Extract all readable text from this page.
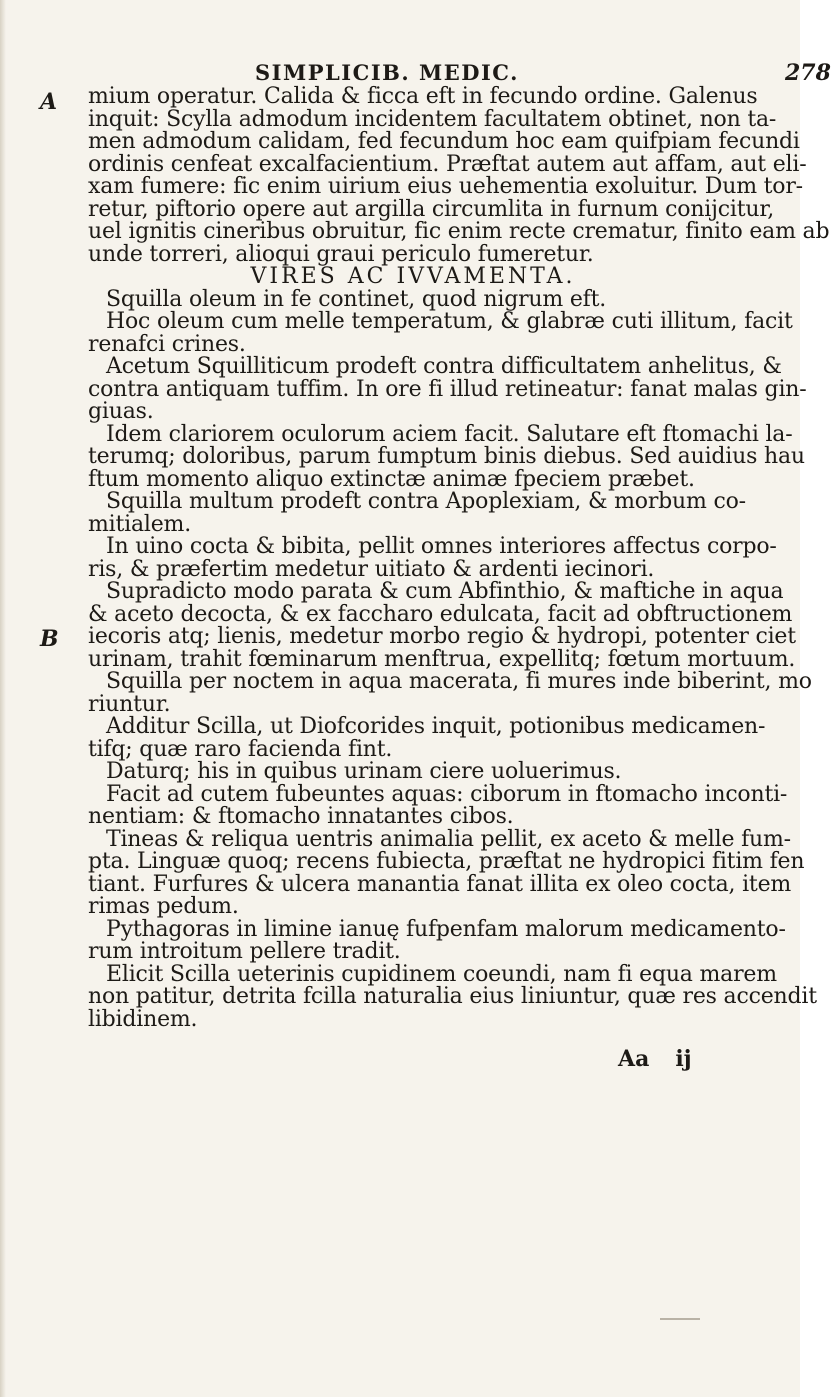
SIMPLICIB. MEDIC.	278
A
B
mium operatur. Calida & ficca eft in fecundo ordine. Galenus
inquit: Scylla admodum incidentem facultatem obtinet, non ta-
men admodum calidam, fed fecundum hoc eam quifpiam fecundi
ordinis cenfeat excalfacientium. Præftat autem aut affam, aut eli-
xam fumere: fic enim uirium eius uehementia exoluitur. Dum tor-
retur, piftorio opere aut argilla circumlita in furnum conijcitur,
uel ignitis cineribus obruitur, fic enim recte crematur, finito eam ab
unde torreri, alioqui graui periculo fumeretur.
VIRES AC IVVAMENTA.
Squilla oleum in fe continet, quod nigrum eft.
Hoc oleum cum melle temperatum, & glabræ cuti illitum, facit
renafci crines.
Acetum Squilliticum prodeft contra difficultatem anhelitus, &
contra antiquam tuffim. In ore fi illud retineatur: fanat malas gin-
giuas.
Idem clariorem oculorum aciem facit. Salutare eft ftomachi la-
terumq; doloribus, parum fumptum binis diebus. Sed auidius hau
ftum momento aliquo extinctæ animæ fpeciem præbet.
Squilla multum prodeft contra Apoplexiam, & morbum co-
mitialem.
In uino cocta & bibita, pellit omnes interiores affectus corpo-
ris, & præfertim medetur uitiato & ardenti iecinori.
Supradicto modo parata & cum Abfinthio, & maftiche in aqua
& aceto decocta, & ex faccharo edulcata, facit ad obftructionem
iecoris atq; lienis, medetur morbo regio & hydropi, potenter ciet
urinam, trahit fœminarum menftrua, expellitq; fœtum mortuum.
Squilla per noctem in aqua macerata, fi mures inde biberint, mo
riuntur.
Additur Scilla, ut Diofcorides inquit, potionibus medicamen-
tifq; quæ raro facienda fint.
Daturq; his in quibus urinam ciere uoluerimus.
Facit ad cutem fubeuntes aquas: ciborum in ftomacho inconti-
nentiam: & ftomacho innatantes cibos.
Tineas & reliqua uentris animalia pellit, ex aceto & melle fum-
pta. Linguæ quoq; recens fubiecta, præftat ne hydropici fitim fen
tiant. Furfures & ulcera manantia fanat illita ex oleo cocta, item
rimas pedum.
Pythagoras in limine ianuę fufpenfam malorum medicamento-
rum introitum pellere tradit.
Elicit Scilla ueterinis cupidinem coeundi, nam fi equa marem
non patitur, detrita fcilla naturalia eius liniuntur, quæ res accendit
libidinem.
Aa ij
